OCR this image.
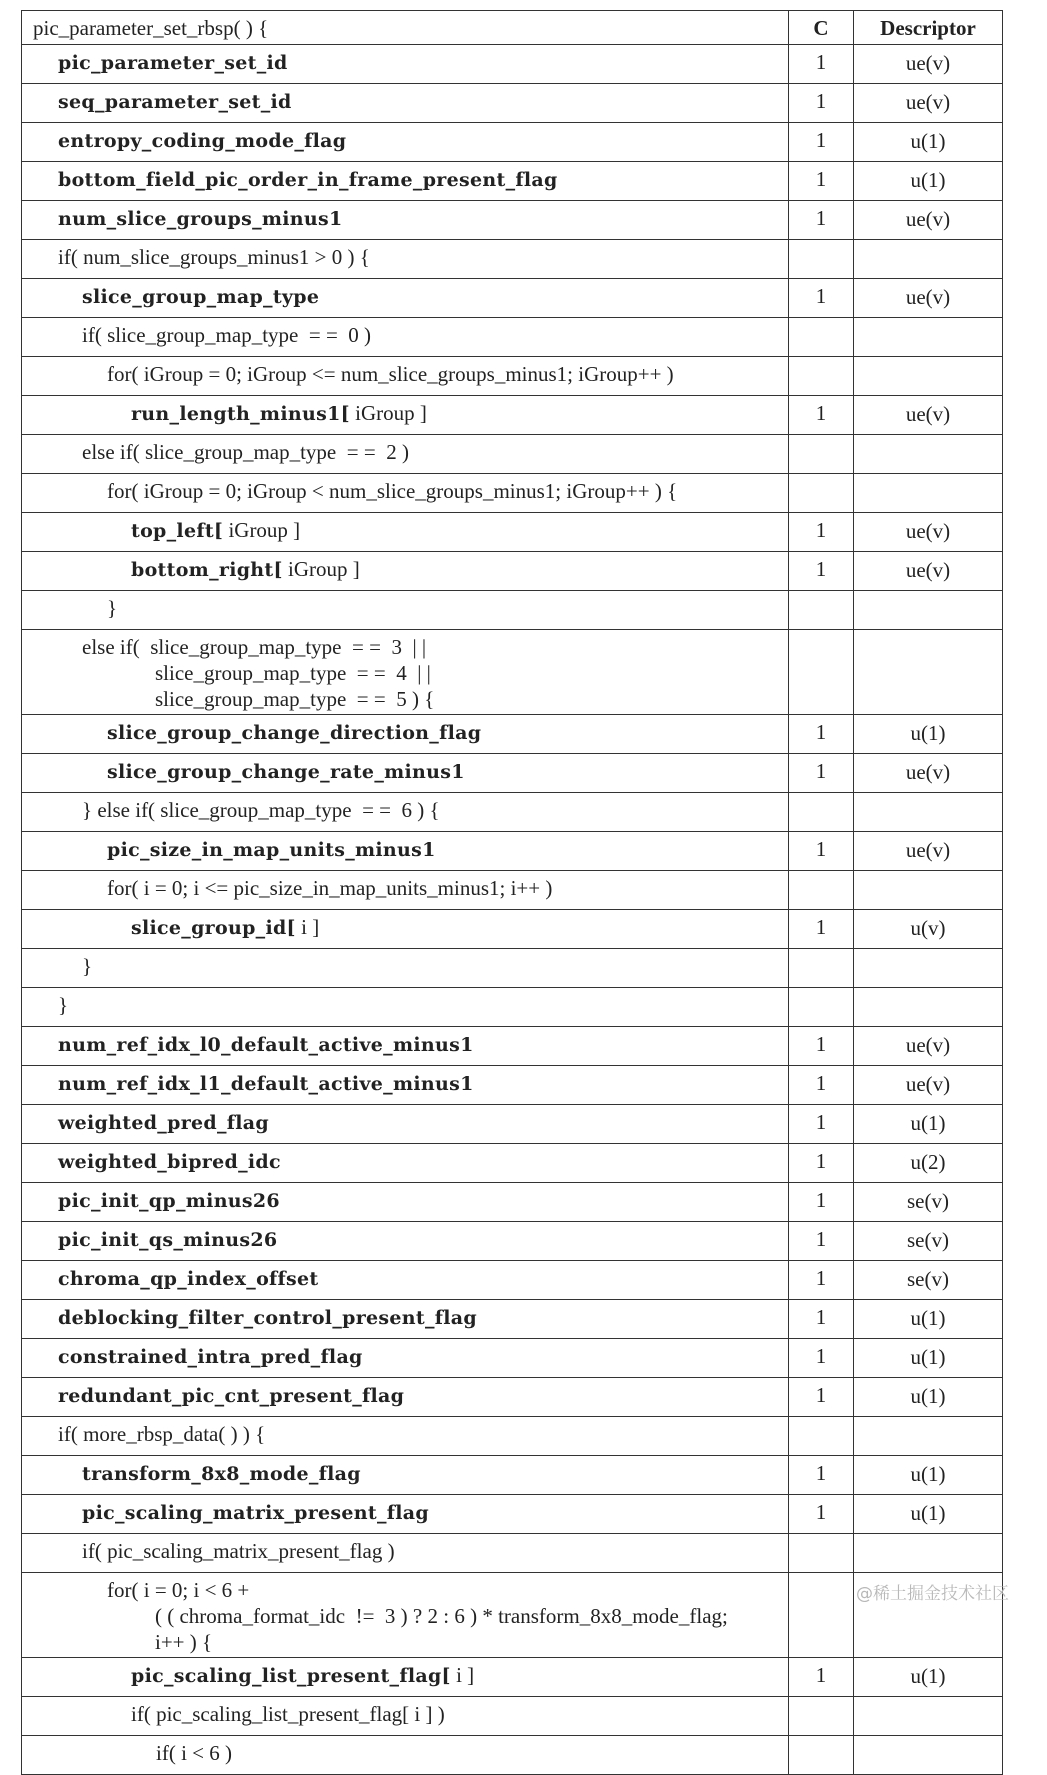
pic_parameter_set_rbsp( ) {	C	Descriptor
pic_parameter_set_id	1	ue(v)
seq_parameter_set_id	1	ue(v)
entropy_coding_mode_flag	1	u(1)
bottom_field_pic_order_in_frame_present_flag	1	u(1)
num_slice_groups_minus1	1	ue(v)
if( num_slice_groups_minus1 > 0 ) {		
slice_group_map_type	1	ue(v)
if( slice_group_map_type  = =  0 )		
for( iGroup = 0; iGroup <= num_slice_groups_minus1; iGroup++ )		
run_length_minus1[ iGroup ]	1	ue(v)
else if( slice_group_map_type  = =  2 )		
for( iGroup = 0; iGroup < num_slice_groups_minus1; iGroup++ ) {		
top_left[ iGroup ]	1	ue(v)
bottom_right[ iGroup ]	1	ue(v)
}		

else if(  slice_group_map_type  = =  3  | |
slice_group_map_type  = =  4  | |
slice_group_map_type  = =  5 ) {		

slice_group_change_direction_flag	1	u(1)
slice_group_change_rate_minus1	1	ue(v)
} else if( slice_group_map_type  = =  6 ) {		
pic_size_in_map_units_minus1	1	ue(v)
for( i = 0; i <= pic_size_in_map_units_minus1; i++ )		
slice_group_id[ i ]	1	u(v)
}		
}		
num_ref_idx_l0_default_active_minus1	1	ue(v)
num_ref_idx_l1_default_active_minus1	1	ue(v)
weighted_pred_flag	1	u(1)
weighted_bipred_idc	1	u(2)
pic_init_qp_minus26	1	se(v)
pic_init_qs_minus26	1	se(v)
chroma_qp_index_offset	1	se(v)
deblocking_filter_control_present_flag	1	u(1)
constrained_intra_pred_flag	1	u(1)
redundant_pic_cnt_present_flag	1	u(1)
if( more_rbsp_data( ) ) {		
transform_8x8_mode_flag	1	u(1)
pic_scaling_matrix_present_flag	1	u(1)
if( pic_scaling_matrix_present_flag )		

for( i = 0; i < 6 +
( ( chroma_format_idc  !=  3 ) ? 2 : 6 ) * transform_8x8_mode_flag;
i++ ) {		

pic_scaling_list_present_flag[ i ]	1	u(1)
if( pic_scaling_list_present_flag[ i ] )		
if( i < 6 )		
@稀土掘金技术社区
